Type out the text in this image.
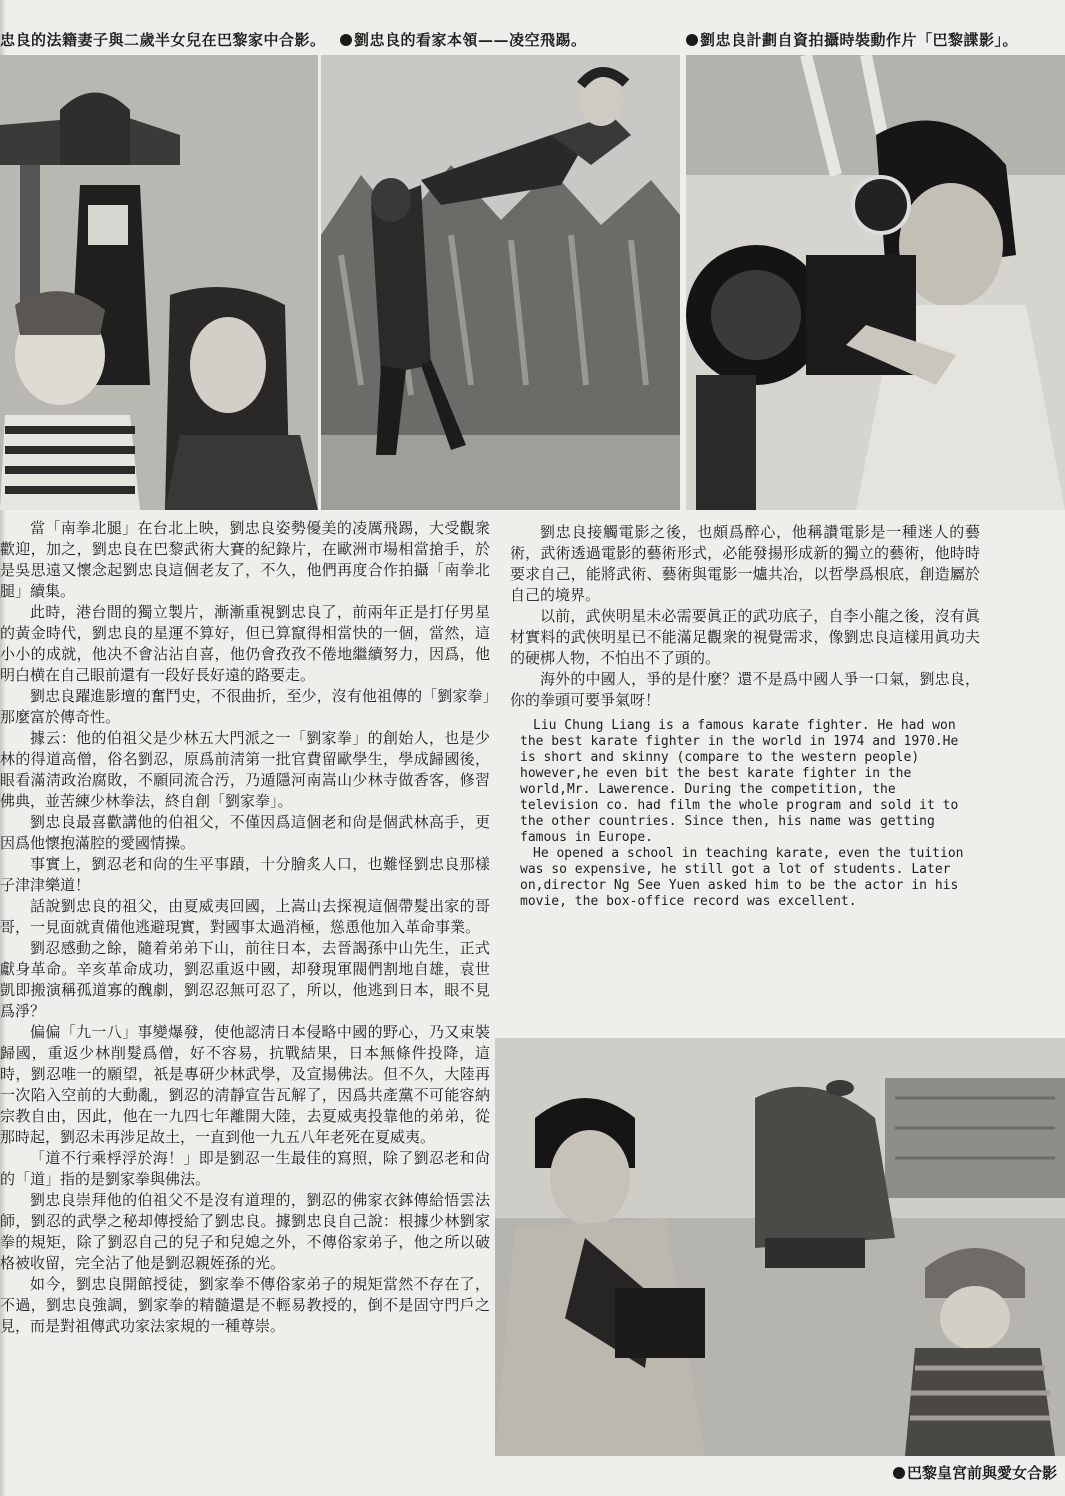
忠良的法籍妻子與二歲半女兒在巴黎家中合影。	劉忠良的看家本領——凌空飛踢。	劉忠良計劃自資拍攝時裝動作片「巴黎諜影」。

當「南拳北腿」在台北上映，劉忠良姿勢優美的凌厲飛踢，大受觀衆歡迎，加之，劉忠良在巴黎武術大賽的紀錄片，在歐洲市場相當搶手，於是吳思遠又懷念起劉忠良這個老友了，不久，他們再度合作拍攝「南拳北腿」續集。

此時，港台間的獨立製片，漸漸重視劉忠良了，前兩年正是打仔男星的黃金時代，劉忠良的星運不算好，但已算竄得相當快的一個，當然，這小小的成就，他决不會沾沾自喜，他仍會孜孜不倦地繼續努力，因爲，他明白横在自己眼前還有一段好長好遠的路要走。

劉忠良躍進影壇的奮鬥史，不很曲折，至少，沒有他祖傳的「劉家拳」那麼富於傳奇性。

據云：他的伯祖父是少林五大門派之一「劉家拳」的創始人，也是少林的得道高僧，俗名劉忍，原爲前淸第一批官費留歐學生，學成歸國後，眼看滿淸政治腐敗，不願同流合汚，乃遁隱河南嵩山少林寺做香客，修習佛典，並苦練少林拳法，終自創「劉家拳」。

劉忠良最喜歡講他的伯祖父，不僅因爲這個老和尙是個武林高手，更因爲他懷抱滿腔的愛國情操。

事實上，劉忍老和尙的生平事蹟，十分膾炙人口，也難怪劉忠良那樣子津津樂道！

話說劉忠良的祖父，由夏威夷回國，上嵩山去探視這個帶髮出家的哥哥，一見面就責備他逃避現實，對國事太過消極，慫恿他加入革命事業。

劉忍感動之餘，隨着弟弟下山，前往日本，去晉謁孫中山先生，正式獻身革命。辛亥革命成功，劉忍重返中國，却發現軍閥們割地自雄，袁世凱即搬演稱孤道寡的醜劇，劉忍忍無可忍了，所以，他逃到日本，眼不見爲淨？

偏偏「九一八」事變爆發，使他認淸日本侵略中國的野心，乃又束裝歸國，重返少林削髮爲僧，好不容易，抗戰結果，日本無條件投降，這時，劉忍唯一的願望，祇是專研少林武學，及宣揚佛法。但不久，大陸再一次陷入空前的大動亂，劉忍的淸靜宣告瓦解了，因爲共產黨不可能容納宗教自由，因此，他在一九四七年離開大陸，去夏威夷投靠他的弟弟，從那時起，劉忍未再涉足故土，一直到他一九五八年老死在夏威夷。

「道不行乘桴浮於海！」即是劉忍一生最佳的寫照，除了劉忍老和尙的「道」指的是劉家拳與佛法。

劉忠良崇拜他的伯祖父不是沒有道理的，劉忍的佛家衣鉢傳給悟雲法師，劉忍的武學之秘却傳授給了劉忠良。據劉忠良自己說：根據少林劉家拳的規矩，除了劉忍自己的兒子和兒媳之外，不傳俗家弟子，他之所以破格被收留，完全沾了他是劉忍親姪孫的光。

如今，劉忠良開館授徒，劉家拳不傳俗家弟子的規矩當然不存在了，不過，劉忠良強調，劉家拳的精髓還是不輕易教授的，倒不是固守門戶之見，而是對祖傳武功家法家規的一種尊崇。

劉忠良接觸電影之後，也頗爲醉心，他稱讚電影是一種迷人的藝術，武術透過電影的藝術形式，必能發揚形成新的獨立的藝術，他時時要求自己，能將武術、藝術與電影一爐共冶，以哲學爲根底，創造屬於自己的境界。

以前，武俠明星未必需要眞正的武功底子，自李小龍之後，沒有眞材實料的武俠明星已不能滿足觀衆的視覺需求，像劉忠良這樣用眞功夫的硬梆人物，不怕出不了頭的。

海外的中國人，爭的是什麼？還不是爲中國人爭一口氣，劉忠良，你的拳頭可要爭氣呀！

Liu Chung Liang is a famous karate fighter. He had won the best karate fighter in the world in 1974 and 1970.He is short and skinny (compare to the western people) however,he even bit the best karate fighter in the world,Mr. Lawerence. During the competition, the television co. had film the whole program and sold it to the other countries. Since then, his name was getting famous in Europe.

He opened a school in teaching karate, even the tuition was so expensive, he still got a lot of students. Later on,director Ng See Yuen asked him to be the actor in his movie, the box-office record was excellent.

巴黎皇宮前與愛女合影
